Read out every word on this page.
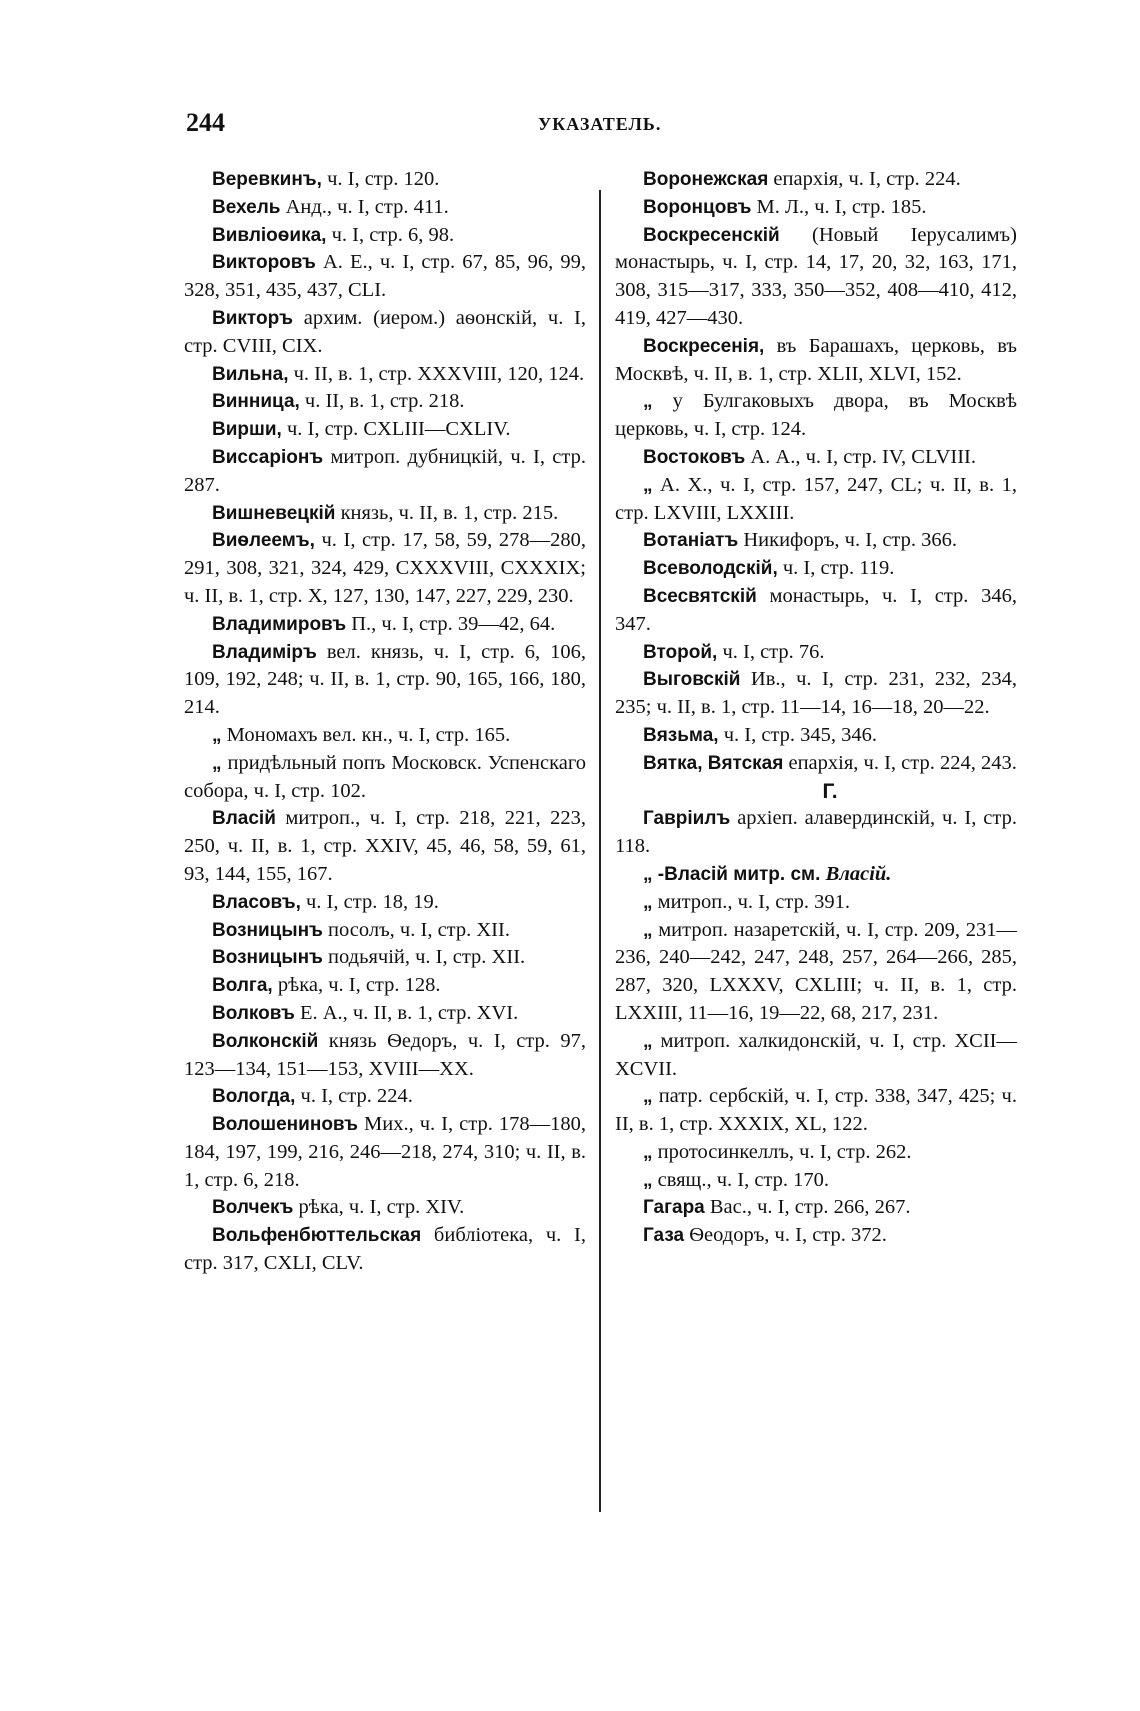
244	УКАЗАТЕЛЬ.

Веревкинъ, ч. I, стр. 120.

Вехель Анд., ч. I, стр. 411.

Вивліоѳика, ч. I, стр. 6, 98.

Викторовъ А. Е., ч. I, стр. 67, 85, 96, 99, 328, 351, 435, 437, CLI.

Викторъ архим. (иером.) аѳонскій, ч. I, стр. CVIII, CIX.

Вильна, ч. II, в. 1, стр. XXXVIII, 120, 124.

Винница, ч. II, в. 1, стр. 218.

Вирши, ч. I, стр. CXLIII—CXLIV.

Виссаріонъ митроп. дубницкій, ч. I, стр. 287.

Вишневецкій князь, ч. II, в. 1, стр. 215.

Виѳлеемъ, ч. I, стр. 17, 58, 59, 278—280, 291, 308, 321, 324, 429, CXXXVIII, CXXXIX; ч. II, в. 1, стр. X, 127, 130, 147, 227, 229, 230.

Владимировъ П., ч. I, стр. 39—42, 64.

Владиміръ вел. князь, ч. I, стр. 6, 106, 109, 192, 248; ч. II, в. 1, стр. 90, 165, 166, 180, 214.

„ Мономахъ вел. кн., ч. I, стр. 165.

„ придѣльный попъ Московск. Успенскаго собора, ч. I, стр. 102.

Власій митроп., ч. I, стр. 218, 221, 223, 250, ч. II, в. 1, стр. XXIV, 45, 46, 58, 59, 61, 93, 144, 155, 167.

Власовъ, ч. I, стр. 18, 19.

Возницынъ посолъ, ч. I, стр. XII.

Возницынъ подьячій, ч. I, стр. XII.

Волга, рѣка, ч. I, стр. 128.

Волковъ Е. А., ч. II, в. 1, стр. XVI.

Волконскій князь Ѳедоръ, ч. I, стр. 97, 123—134, 151—153, XVIII—XX.

Вологда, ч. I, стр. 224.

Волошениновъ Мих., ч. I, стр. 178—180, 184, 197, 199, 216, 246—218, 274, 310; ч. II, в. 1, стр. 6, 218.

Волчекъ рѣка, ч. I, стр. XIV.

Вольфенбюттельская библіотека, ч. I, стр. 317, CXLI, CLV.

Воронежская епархія, ч. I, стр. 224.

Воронцовъ М. Л., ч. I, стр. 185.

Воскресенскій (Новый Іерусалимъ) монастырь, ч. I, стр. 14, 17, 20, 32, 163, 171, 308, 315—317, 333, 350—352, 408—410, 412, 419, 427—430.

Воскресенія, въ Барашахъ, церковь, въ Москвѣ, ч. II, в. 1, стр. XLII, XLVI, 152.

„ у Булгаковыхъ двора, въ Москвѣ церковь, ч. I, стр. 124.

Востоковъ А. А., ч. I, стр. IV, CLVIII.

„ А. Х., ч. I, стр. 157, 247, CL; ч. II, в. 1, стр. LXVIII, LXXIII.

Вотаніатъ Никифоръ, ч. I, стр. 366.

Всеволодскій, ч. I, стр. 119.

Всесвятскій монастырь, ч. I, стр. 346, 347.

Второй, ч. I, стр. 76.

Выговскій Ив., ч. I, стр. 231, 232, 234, 235; ч. II, в. 1, стр. 11—14, 16—18, 20—22.

Вязьма, ч. I, стр. 345, 346.

Вятка, Вятская епархія, ч. I, стр. 224, 243.

Г.

Гавріилъ архіеп. алавердинскій, ч. I, стр. 118.

„ -Власій митр. см. Власій.

„ митроп., ч. I, стр. 391.

„ митроп. назаретскій, ч. I, стр. 209, 231—236, 240—242, 247, 248, 257, 264—266, 285, 287, 320, LXXXV, CXLIII; ч. II, в. 1, стр. LXXIII, 11—16, 19—22, 68, 217, 231.

„ митроп. халкидонскій, ч. I, стр. XCII—XCVII.

„ патр. сербскій, ч. I, стр. 338, 347, 425; ч. II, в. 1, стр. XXXIX, XL, 122.

„ протосинкеллъ, ч. I, стр. 262.

„ свящ., ч. I, стр. 170.

Гагара Вас., ч. I, стр. 266, 267.

Газа Ѳеодоръ, ч. I, стр. 372.
